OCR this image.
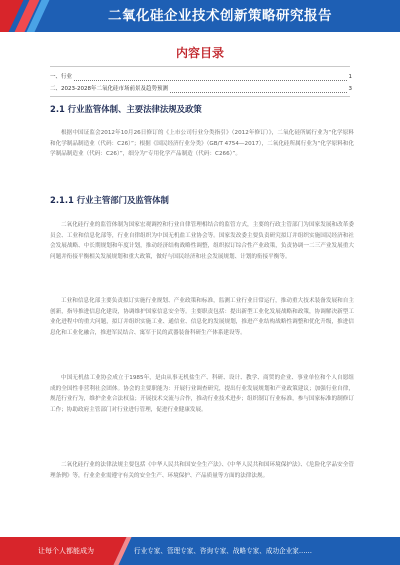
二氧化硅企业技术创新策略研究报告
内容目录
一、行业	1
二、2023-2028年二氧化硅市场前景及趋势预测	3
2.1 行业监管体制、主要法律法规及政策

根据中国证监会2012年10月26日修订的《上市公司行业分类指引》（2012年修订）》，二氧化硅所属行业为“化学原料和化学制品制造业（代码：C26）”；根据《国民经济行业分类》（GB/T 4754—2017），二氧化硅所属行业为“化学原料和化学制品制造业（代码：C26）”，细分为“专用化学产品制造（代码：C266）”。

2.1.1 行业主管部门及监管体制

二氧化硅行业的监管体制为国家宏观调控和行业自律管理相结合的监管方式，主要的行政主管部门为国家发展和改革委员会、工业和信息化部等，行业自律组织为中国无机盐工业协会等。国家发改委主要负责研究拟订并组织实施国民经济和社会发展战略、中长期规划和年度计划，推动经济结构战略性调整，组织拟订综合性产业政策，负责协调一二三产业发展重大问题并衔接平衡相关发展规划和重大政策，做好与国民经济和社会发展规划、计划的衔接平衡等。

工业和信息化部主要负责拟订实施行业规划、产业政策和标准，监测工业行业日常运行，推动重大技术装备发展和自主创新，指导推进信息化建设，协调维护国家信息安全等。主要职责包括：提出新型工业化发展战略和政策，协调解决新型工业化进程中的重大问题，拟订并组织实施工业、通信业、信息化的发展规划，推进产业结构战略性调整和优化升级，推进信息化和工业化融合，推进军民结合、寓军于民的武器装备科研生产体系建设等。

中国无机盐工业协会成立于1985年，是由从事无机盐生产、科研、设计、教学、商贸的企业、事业单位和个人自愿组成的全国性非营利社会团体。协会的主要职能为：开展行业调查研究，提出行业发展规划和产业政策建议；加强行业自律，规范行业行为，维护企业合法权益；开展技术交流与合作，推动行业技术进步；组织制订行业标准，参与国家标准的制修订工作；协助政府主管部门对行业进行管理，促进行业健康发展。

二氧化硅行业的法律法规主要包括《中华人民共和国安全生产法》、《中华人民共和国环境保护法》、《危险化学品安全管理条例》等，行业企业需遵守有关的安全生产、环境保护、产品质量等方面的法律法规。

让每个人都能成为	行业专家、管理专家、咨询专家、战略专家、成功企业家……
